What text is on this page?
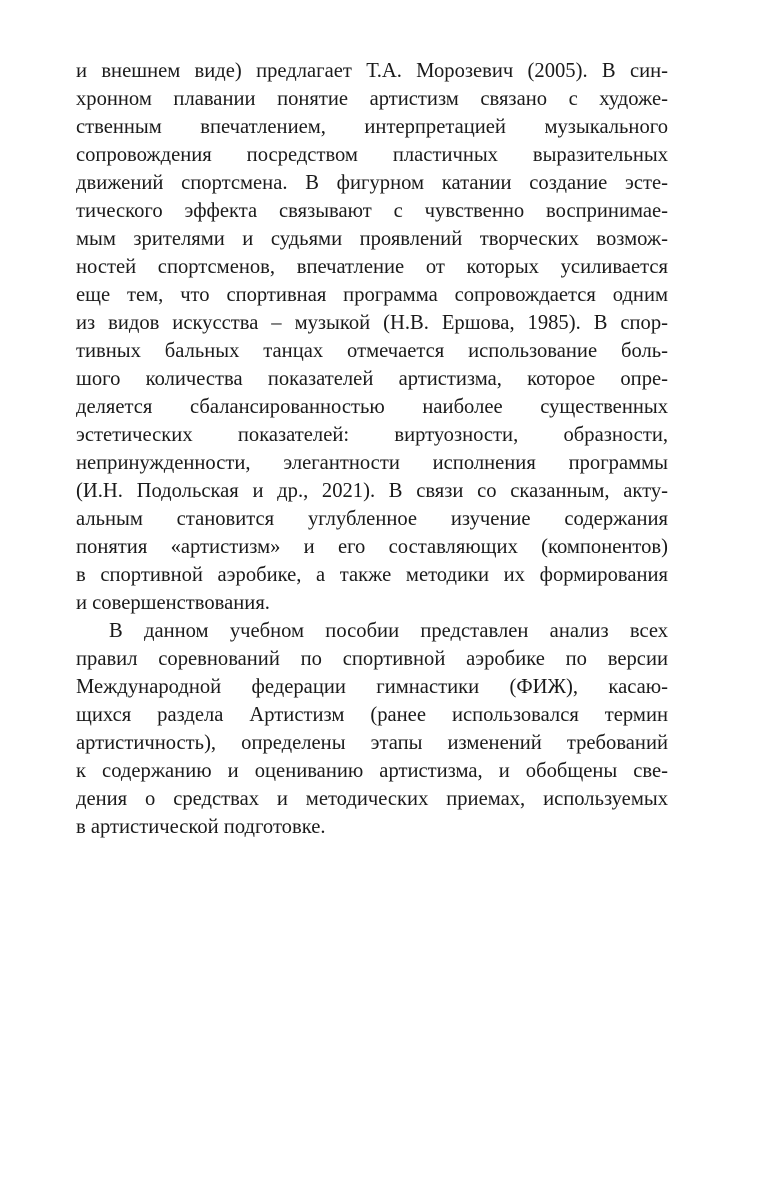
и внешнем виде) предлагает Т.А. Морозевич (2005). В син-
хронном плавании понятие артистизм связано с художе-
ственным впечатлением, интерпретацией музыкального
сопровождения посредством пластичных выразительных
движений спортсмена. В фигурном катании создание эсте-
тического эффекта связывают с чувственно воспринимае-
мым зрителями и судьями проявлений творческих возмож-
ностей спортсменов, впечатление от которых усиливается
еще тем, что спортивная программа сопровождается одним
из видов искусства – музыкой (Н.В. Ершова, 1985). В спор-
тивных бальных танцах отмечается использование боль-
шого количества показателей артистизма, которое опре-
деляется сбалансированностью наиболее существенных
эстетических показателей: виртуозности, образности,
непринужденности, элегантности исполнения программы
(И.Н. Подольская и др., 2021). В связи со сказанным, акту-
альным становится углубленное изучение содержания
понятия «артистизм» и его составляющих (компонентов)
в спортивной аэробике, а также методики их формирования
и совершенствования.

В данном учебном пособии представлен анализ всех
правил соревнований по спортивной аэробике по версии
Международной федерации гимнастики (ФИЖ), касаю-
щихся раздела Артистизм (ранее использовался термин
артистичность), определены этапы изменений требований
к содержанию и оцениванию артистизма, и обобщены све-
дения о средствах и методических приемах, используемых
в артистической подготовке.
